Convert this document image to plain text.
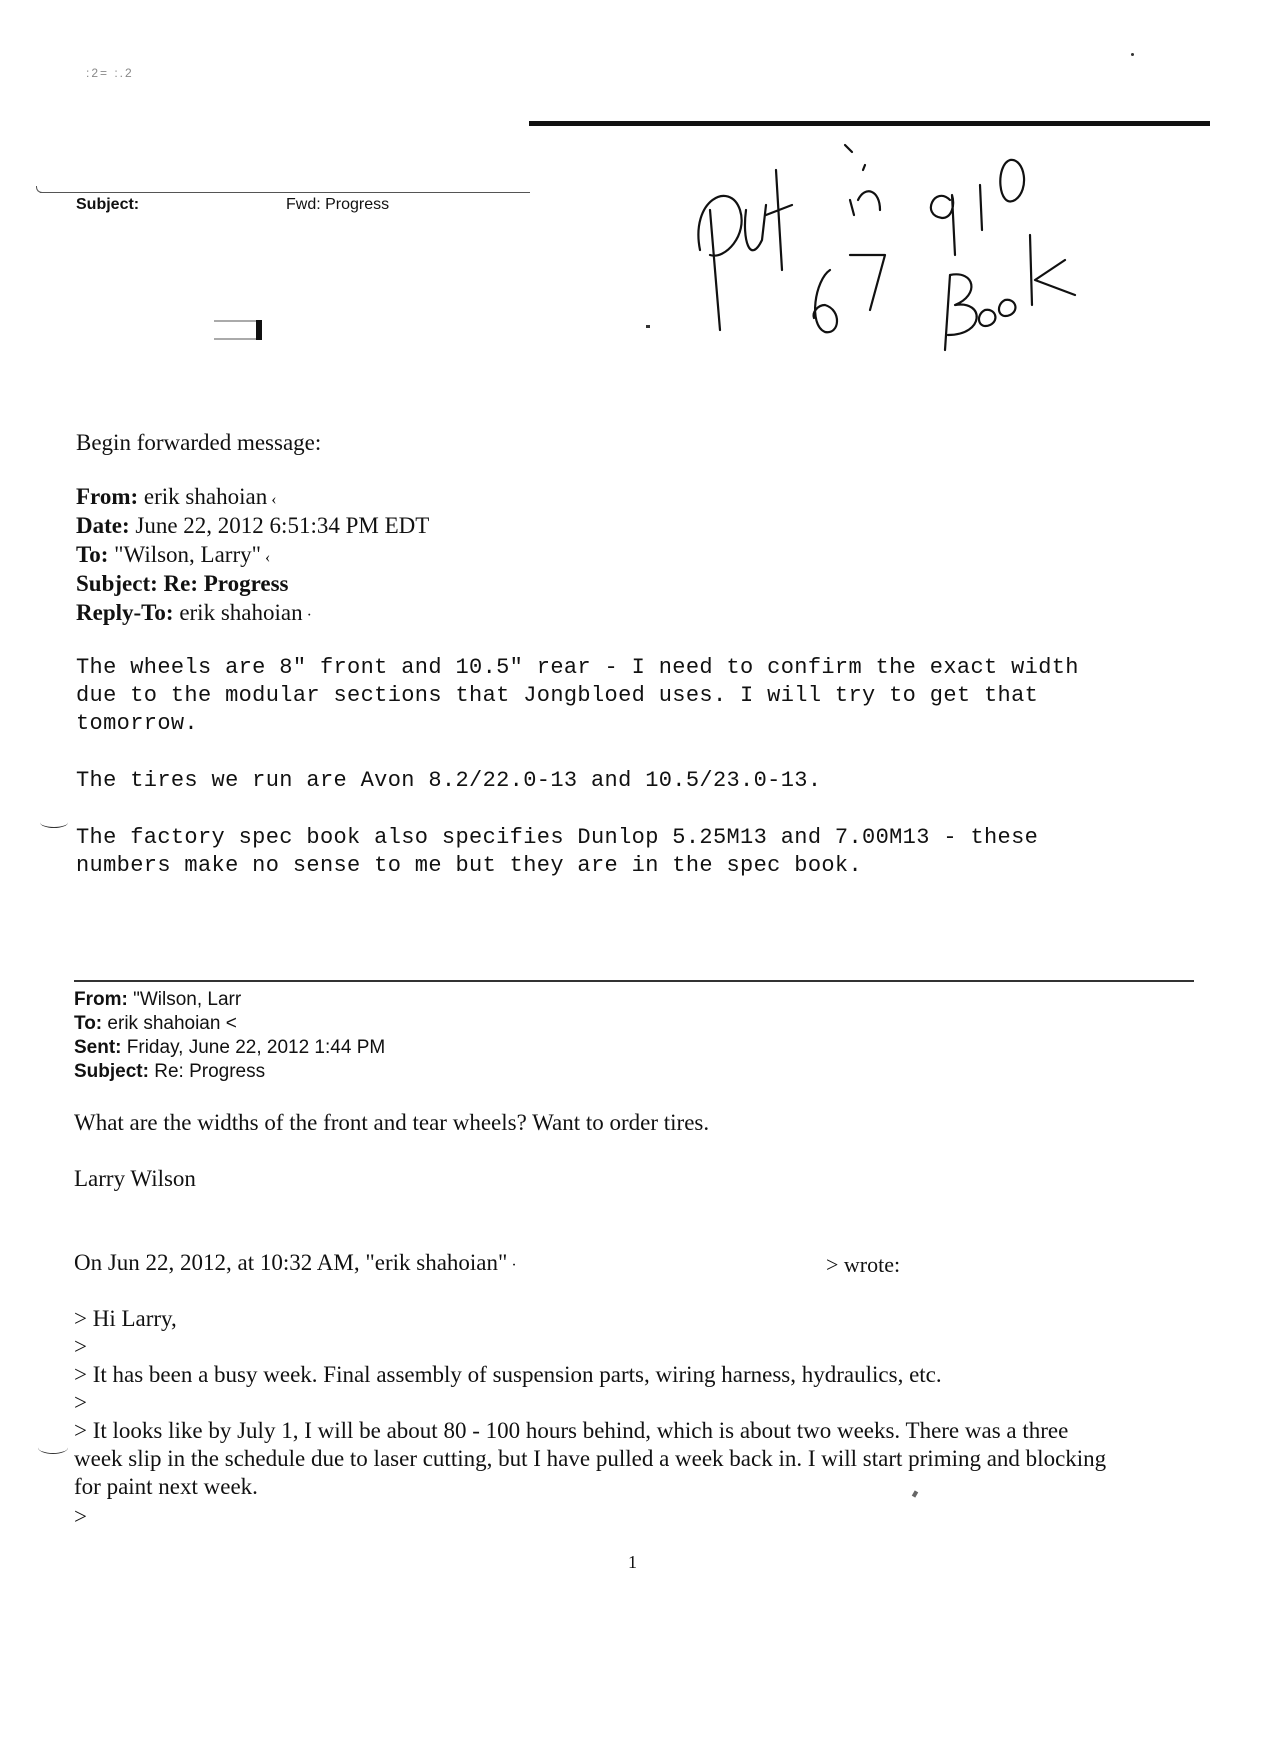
:2= :.2
Subject:	Fwd: Progress
Begin forwarded message:
From: erik shahoian ‹
Date: June 22, 2012 6:51:34 PM EDT
To: "Wilson, Larry" ‹
Subject: Re: Progress
Reply-To: erik shahoian ·
The wheels are 8" front and 10.5" rear - I need to confirm the exact width
due to the modular sections that Jongbloed uses. I will try to get that
tomorrow.
The tires we run are Avon 8.2/22.0-13 and 10.5/23.0-13.
The factory spec book also specifies Dunlop 5.25M13 and 7.00M13 - these
numbers make no sense to me but they are in the spec book.
From: "Wilson, Larr
To: erik shahoian <
Sent: Friday, June 22, 2012 1:44 PM
Subject: Re: Progress
What are the widths of the front and tear wheels? Want to order tires.
Larry Wilson
On Jun 22, 2012, at 10:32 AM, "erik shahoian" ·	> wrote:
> Hi Larry,
>
> It has been a busy week. Final assembly of suspension parts, wiring harness, hydraulics, etc.
>
> It looks like by July 1, I will be about 80 - 100 hours behind, which is about two weeks. There was a three
week slip in the schedule due to laser cutting, but I have pulled a week back in. I will start priming and blocking
for paint next week.
>
1
